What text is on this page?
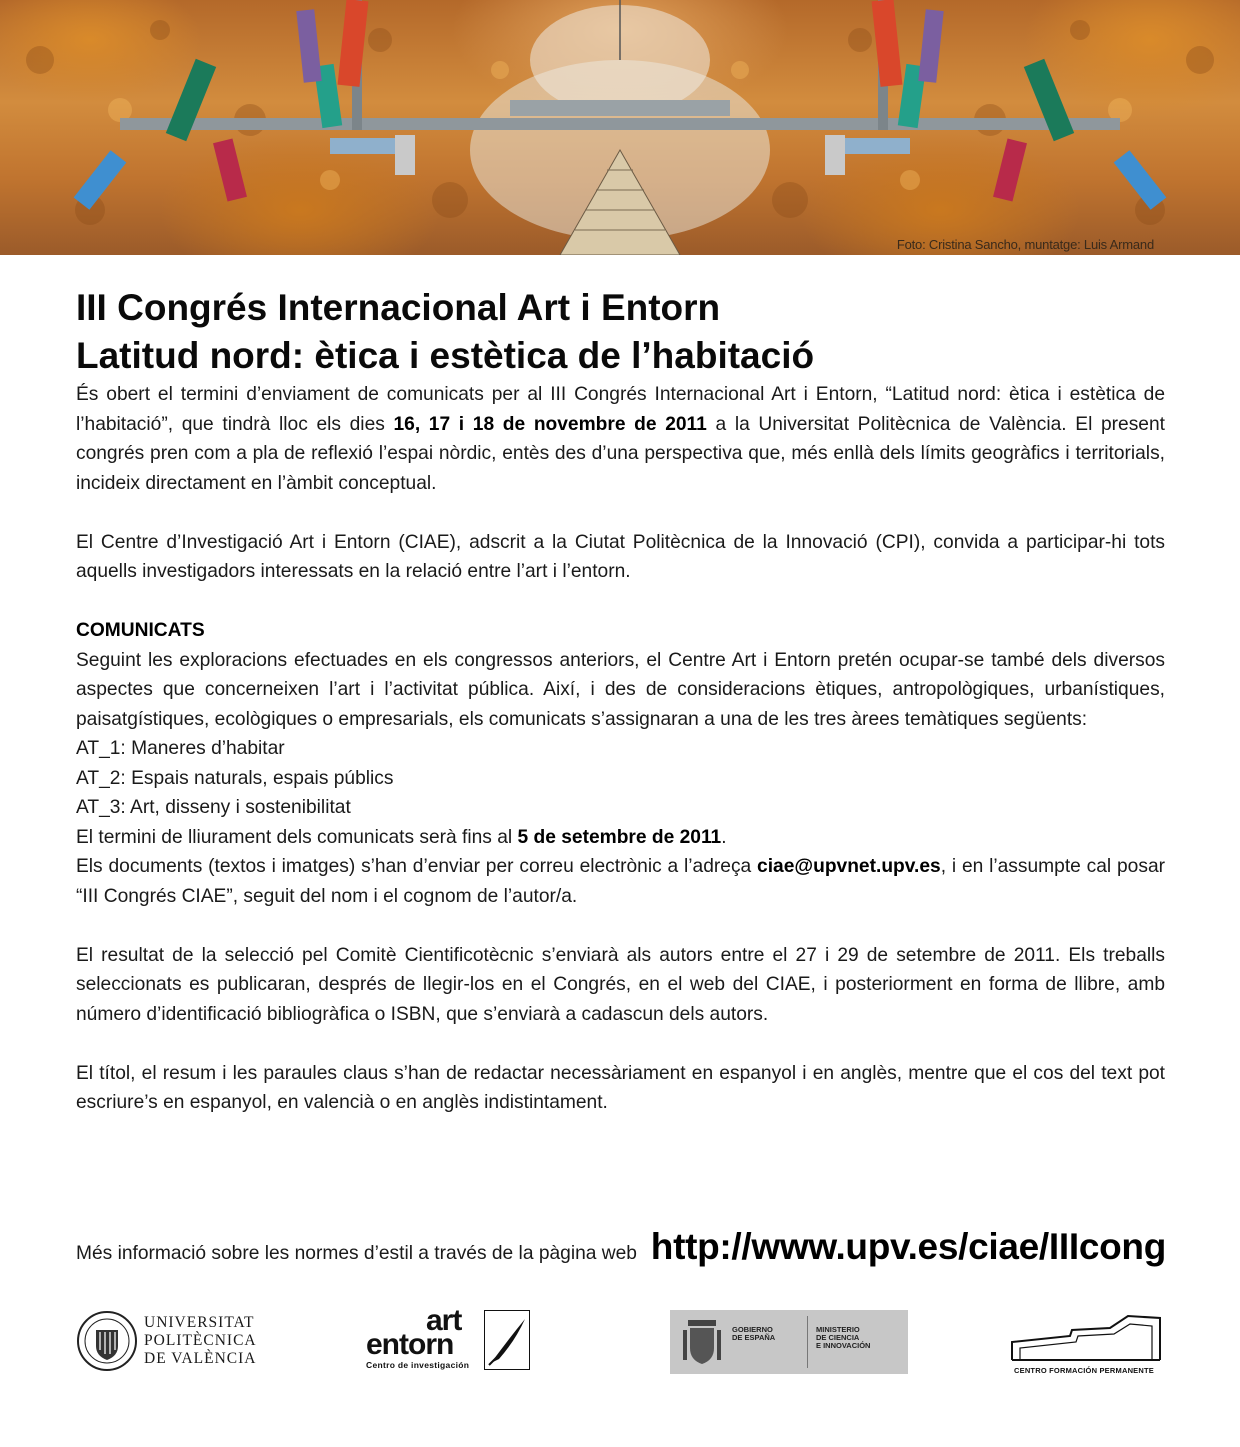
Foto: Cristina Sancho, muntatge: Luis Armand
III Congrés Internacional Art i Entorn
Latitud nord: ètica i estètica de l’habitació

És obert el termini d’enviament de comunicats per al III Congrés Internacional Art i Entorn, “Latitud nord: ètica i estètica de l’habitació”, que tindrà lloc els dies 16, 17 i 18 de novembre de 2011 a la Universitat Politècnica de València. El present congrés pren com a pla de reflexió l’espai nòrdic, entès des d’una perspectiva que, més enllà dels límits geogràfics i territorials, incideix directament en l’àmbit conceptual.

El Centre d’Investigació Art i Entorn (CIAE), adscrit a la Ciutat Politècnica de la Innovació (CPI), convida a participar-hi tots aquells investigadors interessats en la relació entre l’art i l’entorn.

COMUNICATS

Seguint les exploracions efectuades en els congressos anteriors, el Centre Art i Entorn pretén ocupar-se també dels diversos aspectes que concerneixen l’art i l’activitat pública. Així, i des de consideracions ètiques, antropològiques, urbanístiques, paisatgístiques, ecològiques o empresarials, els comunicats s’assignaran a una de les tres àrees temàtiques següents:

AT_1: Maneres d’habitar

AT_2: Espais naturals, espais públics

AT_3: Art, disseny i sostenibilitat

El termini de lliurament dels comunicats serà fins al 5 de setembre de 2011.

Els documents (textos i imatges) s’han d’enviar per correu electrònic a l’adreça ciae@upvnet.upv.es, i en l’assumpte cal posar “III Congrés CIAE”, seguit del nom i el cognom de l’autor/a.

El resultat de la selecció pel Comitè Cientificotècnic s’enviarà als autors entre el 27 i 29 de setembre de 2011. Els treballs seleccionats es publicaran, després de llegir-los en el Congrés, en el web del CIAE, i posteriorment en forma de llibre, amb número d’identificació bibliogràfica o ISBN, que s’enviarà a cadascun dels autors.

El títol, el resum i les paraules claus s’han de redactar necessàriament en espanyol i en anglès, mentre que el cos del text pot escriure’s en espanyol, en valencià o en anglès indistintament.

Més informació sobre les normes d’estil a través de la pàgina web http://www.upv.es/ciae/IIIcong
UNIVERSITAT
POLITÈCNICA
DE VALÈNCIA
art
entorn
Centro de investigación
GOBIERNO
DE ESPAÑA
MINISTERIO
DE CIENCIA
E INNOVACIÓN
CENTRO FORMACIÓN PERMANENTE
